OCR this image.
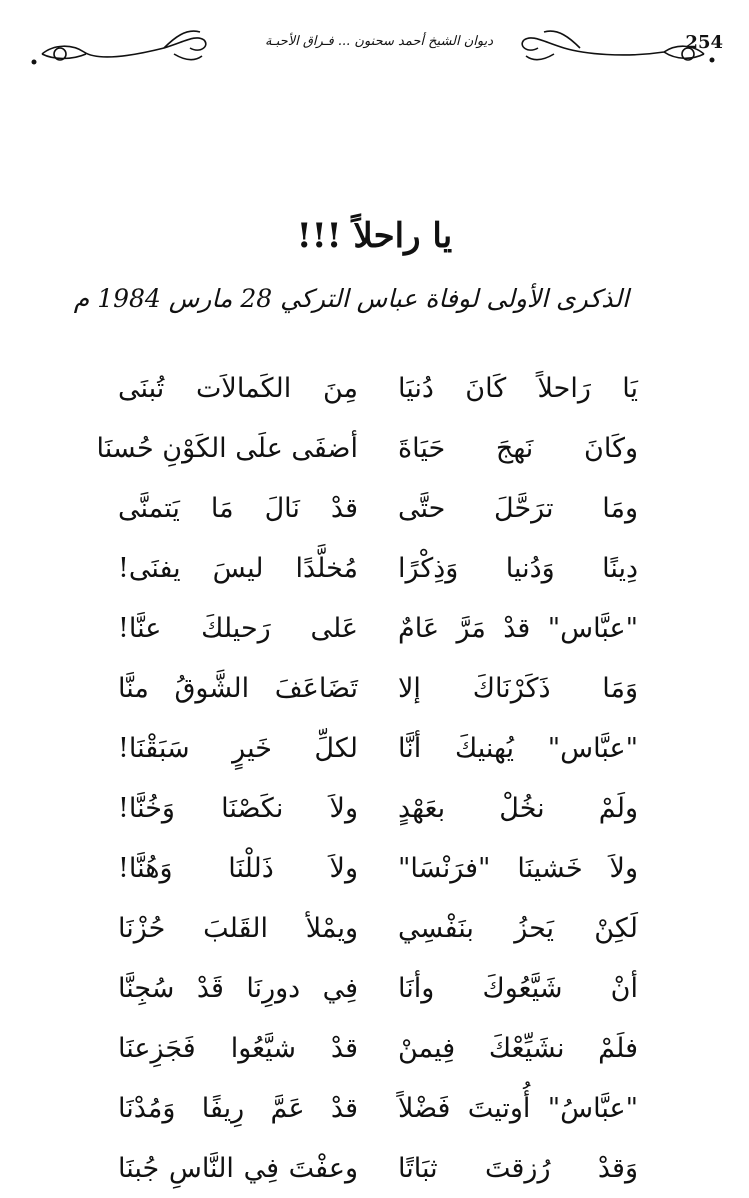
ديوان الشيخ أحمد سحنون ... فـراق الأحبـة	254
يا راحلاً !!!
الذكرى الأولى لوفاة عباس التركي 28 مارس 1984 م
يَا رَاحلاً كَانَ دُنيَا
مِنَ الكَمالاَت تُبنَى
وكَانَ نَهجَ حَيَاةَ
أضفَى علَى الكَوْنِ حُسنَا
ومَا ترَحَّلَ حتَّى
قدْ نَالَ مَا يَتمنَّى
دِينًا وَدُنيا وَذِكْرًا
مُخلَّدًا ليسَ يفنَى!
"عبَّاس" قدْ مَرَّ عَامٌ
عَلى رَحيلكَ عنَّا!
وَمَا ذَكَرْنَاكَ إلا
تَضَاعَفَ الشَّوقُ منَّا
"عبَّاس" يُهنيكَ أنَّا
لكلِّ خَيرٍ سَبَقْنَا!
ولَمْ نخُلْ بعَهْدٍ
ولاَ نكَصْنَا وَخُنَّا!
ولاَ خَشينَا "فرَنْسَا"
ولاَ ذَللْنَا وَهُنَّا!
لَكِنْ يَحزُ بنَفْسِي
ويمْلأ القَلبَ حُزْنَا
أنْ شَيَّعُوكَ وأنَا
فِي دورِنَا قَدْ سُجِنَّا
فلَمْ نشَيِّعْكَ فِيمنْ
قدْ شيَّعُوا فَجَزِعنَا
"عبَّاسُ" أُوتيتَ فَضْلاً
قدْ عَمَّ رِيفًا وَمُدْنَا
وَقدْ رُزقتَ ثبَاتًا
وعفْتَ فِي النَّاسِ جُبنَا
